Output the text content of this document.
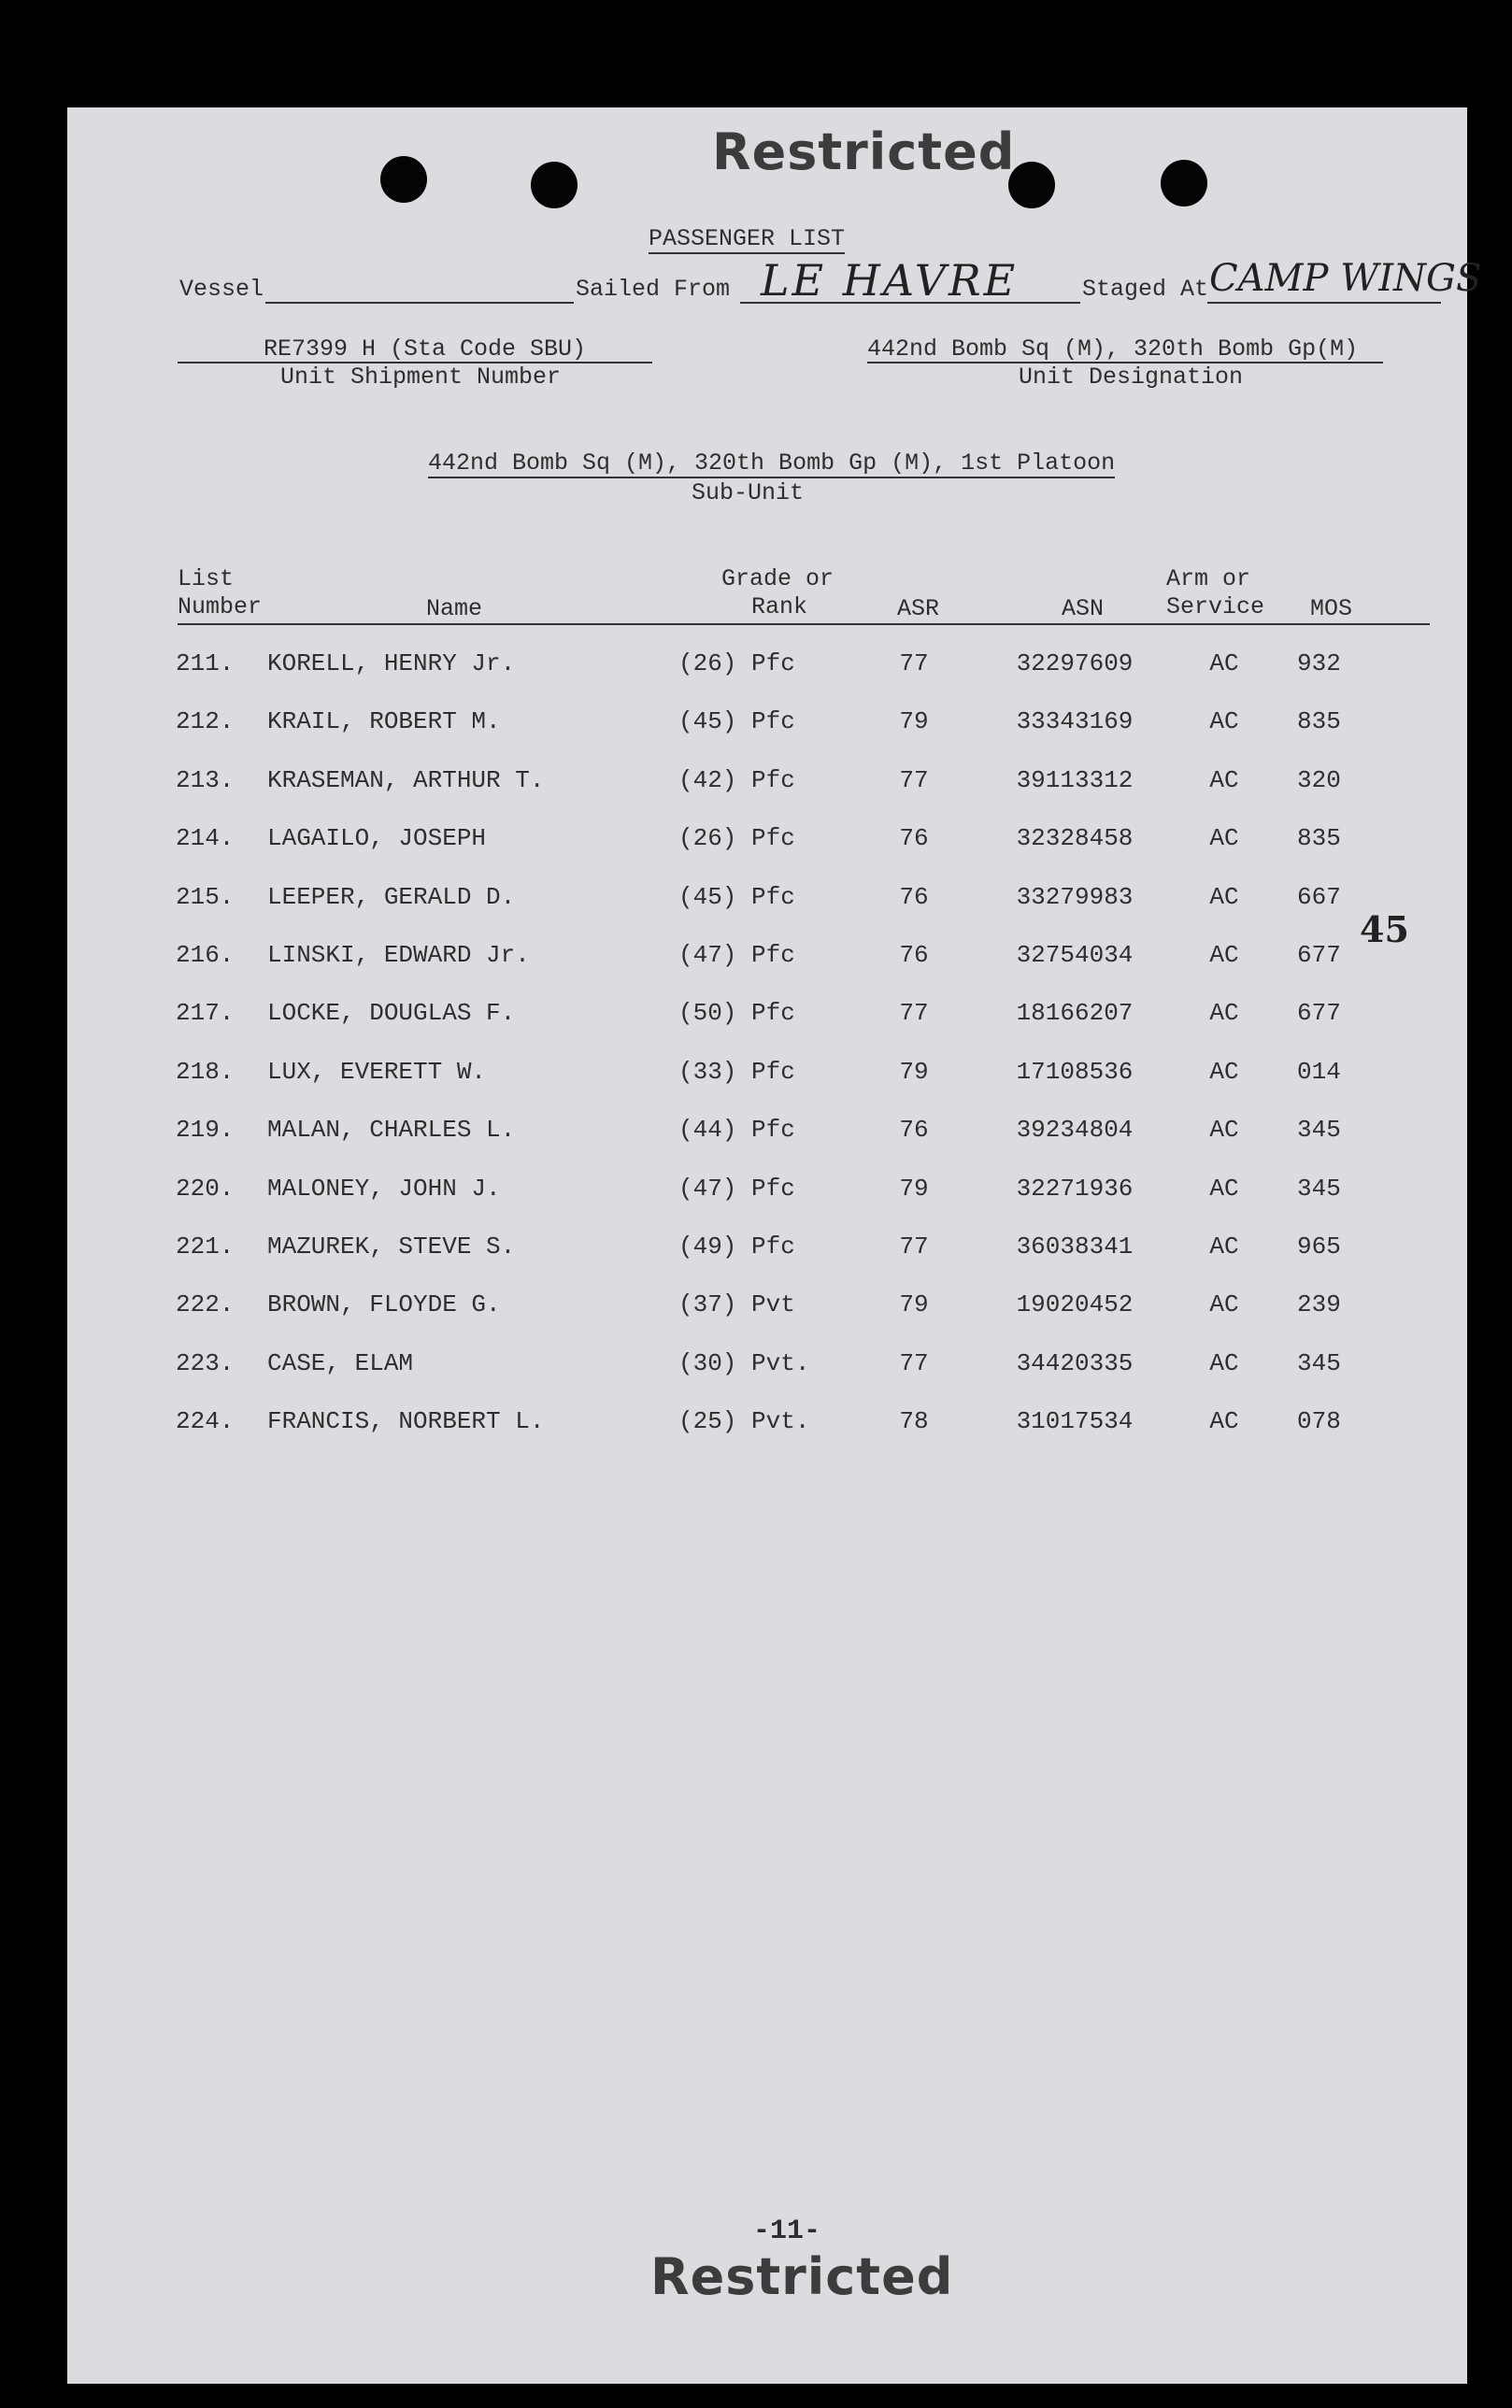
Restricted
PASSENGER LIST
Vessel	Sailed From LE HAVRE	Staged At CAMP WINGS
RE7399 H (Sta Code SBU)
Unit Shipment Number
442nd Bomb Sq (M), 320th Bomb Gp(M)
Unit Designation
442nd Bomb Sq (M), 320th Bomb Gp (M), 1st Platoon
Sub-Unit
List
Number	Name
Grade or
Rank	ASR	ASN
Arm or
Service MOS
211. KORELL, HENRY Jr.	(26) Pfc	77	32297609	AC	932
212. KRAIL, ROBERT M.	(45) Pfc	79	33343169	AC	835
213. KRASEMAN, ARTHUR T.	(42) Pfc	77	39113312	AC	320
214. LAGAILO, JOSEPH	(26) Pfc	76	32328458	AC	835
215. LEEPER, GERALD D.	(45) Pfc	76	33279983	AC	667
216. LINSKI, EDWARD Jr.	(47) Pfc	76	32754034	AC	677
217. LOCKE, DOUGLAS F.	(50) Pfc	77	18166207	AC	677
218. LUX, EVERETT W.	(33) Pfc	79	17108536	AC	014
219. MALAN, CHARLES L.	(44) Pfc	76	39234804	AC	345
220. MALONEY, JOHN J.	(47) Pfc	79	32271936	AC	345
221. MAZUREK, STEVE S.	(49) Pfc	77	36038341	AC	965
222. BROWN, FLOYDE G.	(37) Pvt	79	19020452	AC	239
223. CASE, ELAM	(30) Pvt.	77	34420335	AC	345
224. FRANCIS, NORBERT L.	(25) Pvt.	78	31017534	AC	078
45
-11-
Restricted
